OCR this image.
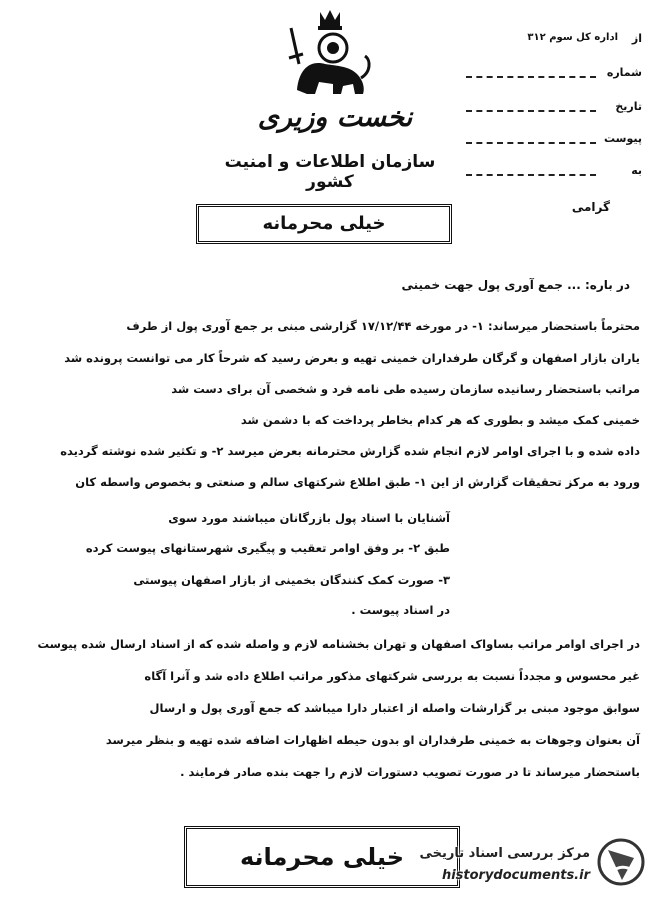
نخست وزیری
سازمان اطلاعات و امنیت کشور
خیلی محرمانه
از
اداره کل سوم ۳۱۲
شماره
تاریخ
پیوست
به
گرامی
در باره: ... جمع آوری پول جهت خمینی
محترماً باستحضار میرساند: ۱- در مورخه ۱۷/۱۲/۴۴ گزارشی مبنی بر جمع آوری پول از طرف
یاران بازار اصفهان و گرگان طرفداران خمینی تهیه و بعرض رسید که شرحاً کار می توانست پرونده شد
مراتب باستحضار رسانیده سازمان رسیده طی نامه فرد و شخصی آن برای دست شد
خمینی کمک میشد و بطوری که هر کدام بخاطر پرداخت که با دشمن شد
داده شده و با اجرای اوامر لازم انجام شده گزارش محترمانه بعرض میرسد ۲- و تکثیر شده نوشته گردیده
ورود به مرکز تحقیقات گزارش از این ۱- طبق اطلاع شرکتهای سالم و صنعتی و بخصوص واسطه کان
آشنایان با اسناد پول بازرگانان میباشند مورد سوی
طبق ۲- بر وفق اوامر تعقیب و پیگیری شهرستانهای پیوست کرده
۳- صورت کمک کنندگان بخمینی از بازار اصفهان پیوستی
در اسناد پیوست .
در اجرای اوامر مراتب بساواک اصفهان و تهران بخشنامه لازم و واصله شده که از اسناد ارسال شده پیوست
غیر محسوس و مجدداً نسبت به بررسی شرکتهای مذکور مراتب اطلاع داده شد و آنرا آگاه
سوابق موجود مبنی بر گزارشات واصله از اعتبار دارا میباشد که جمع آوری پول و ارسال
آن بعنوان وجوهات به خمینی طرفداران او بدون حیطه اظهارات اضافه شده تهیه و بنظر میرسد
باستحضار میرساند تا در صورت تصویب دستورات لازم را جهت بنده صادر فرمایند .
خیلی محرمانه	مرکز بررسی اسناد تاریخی
historydocuments.ir
